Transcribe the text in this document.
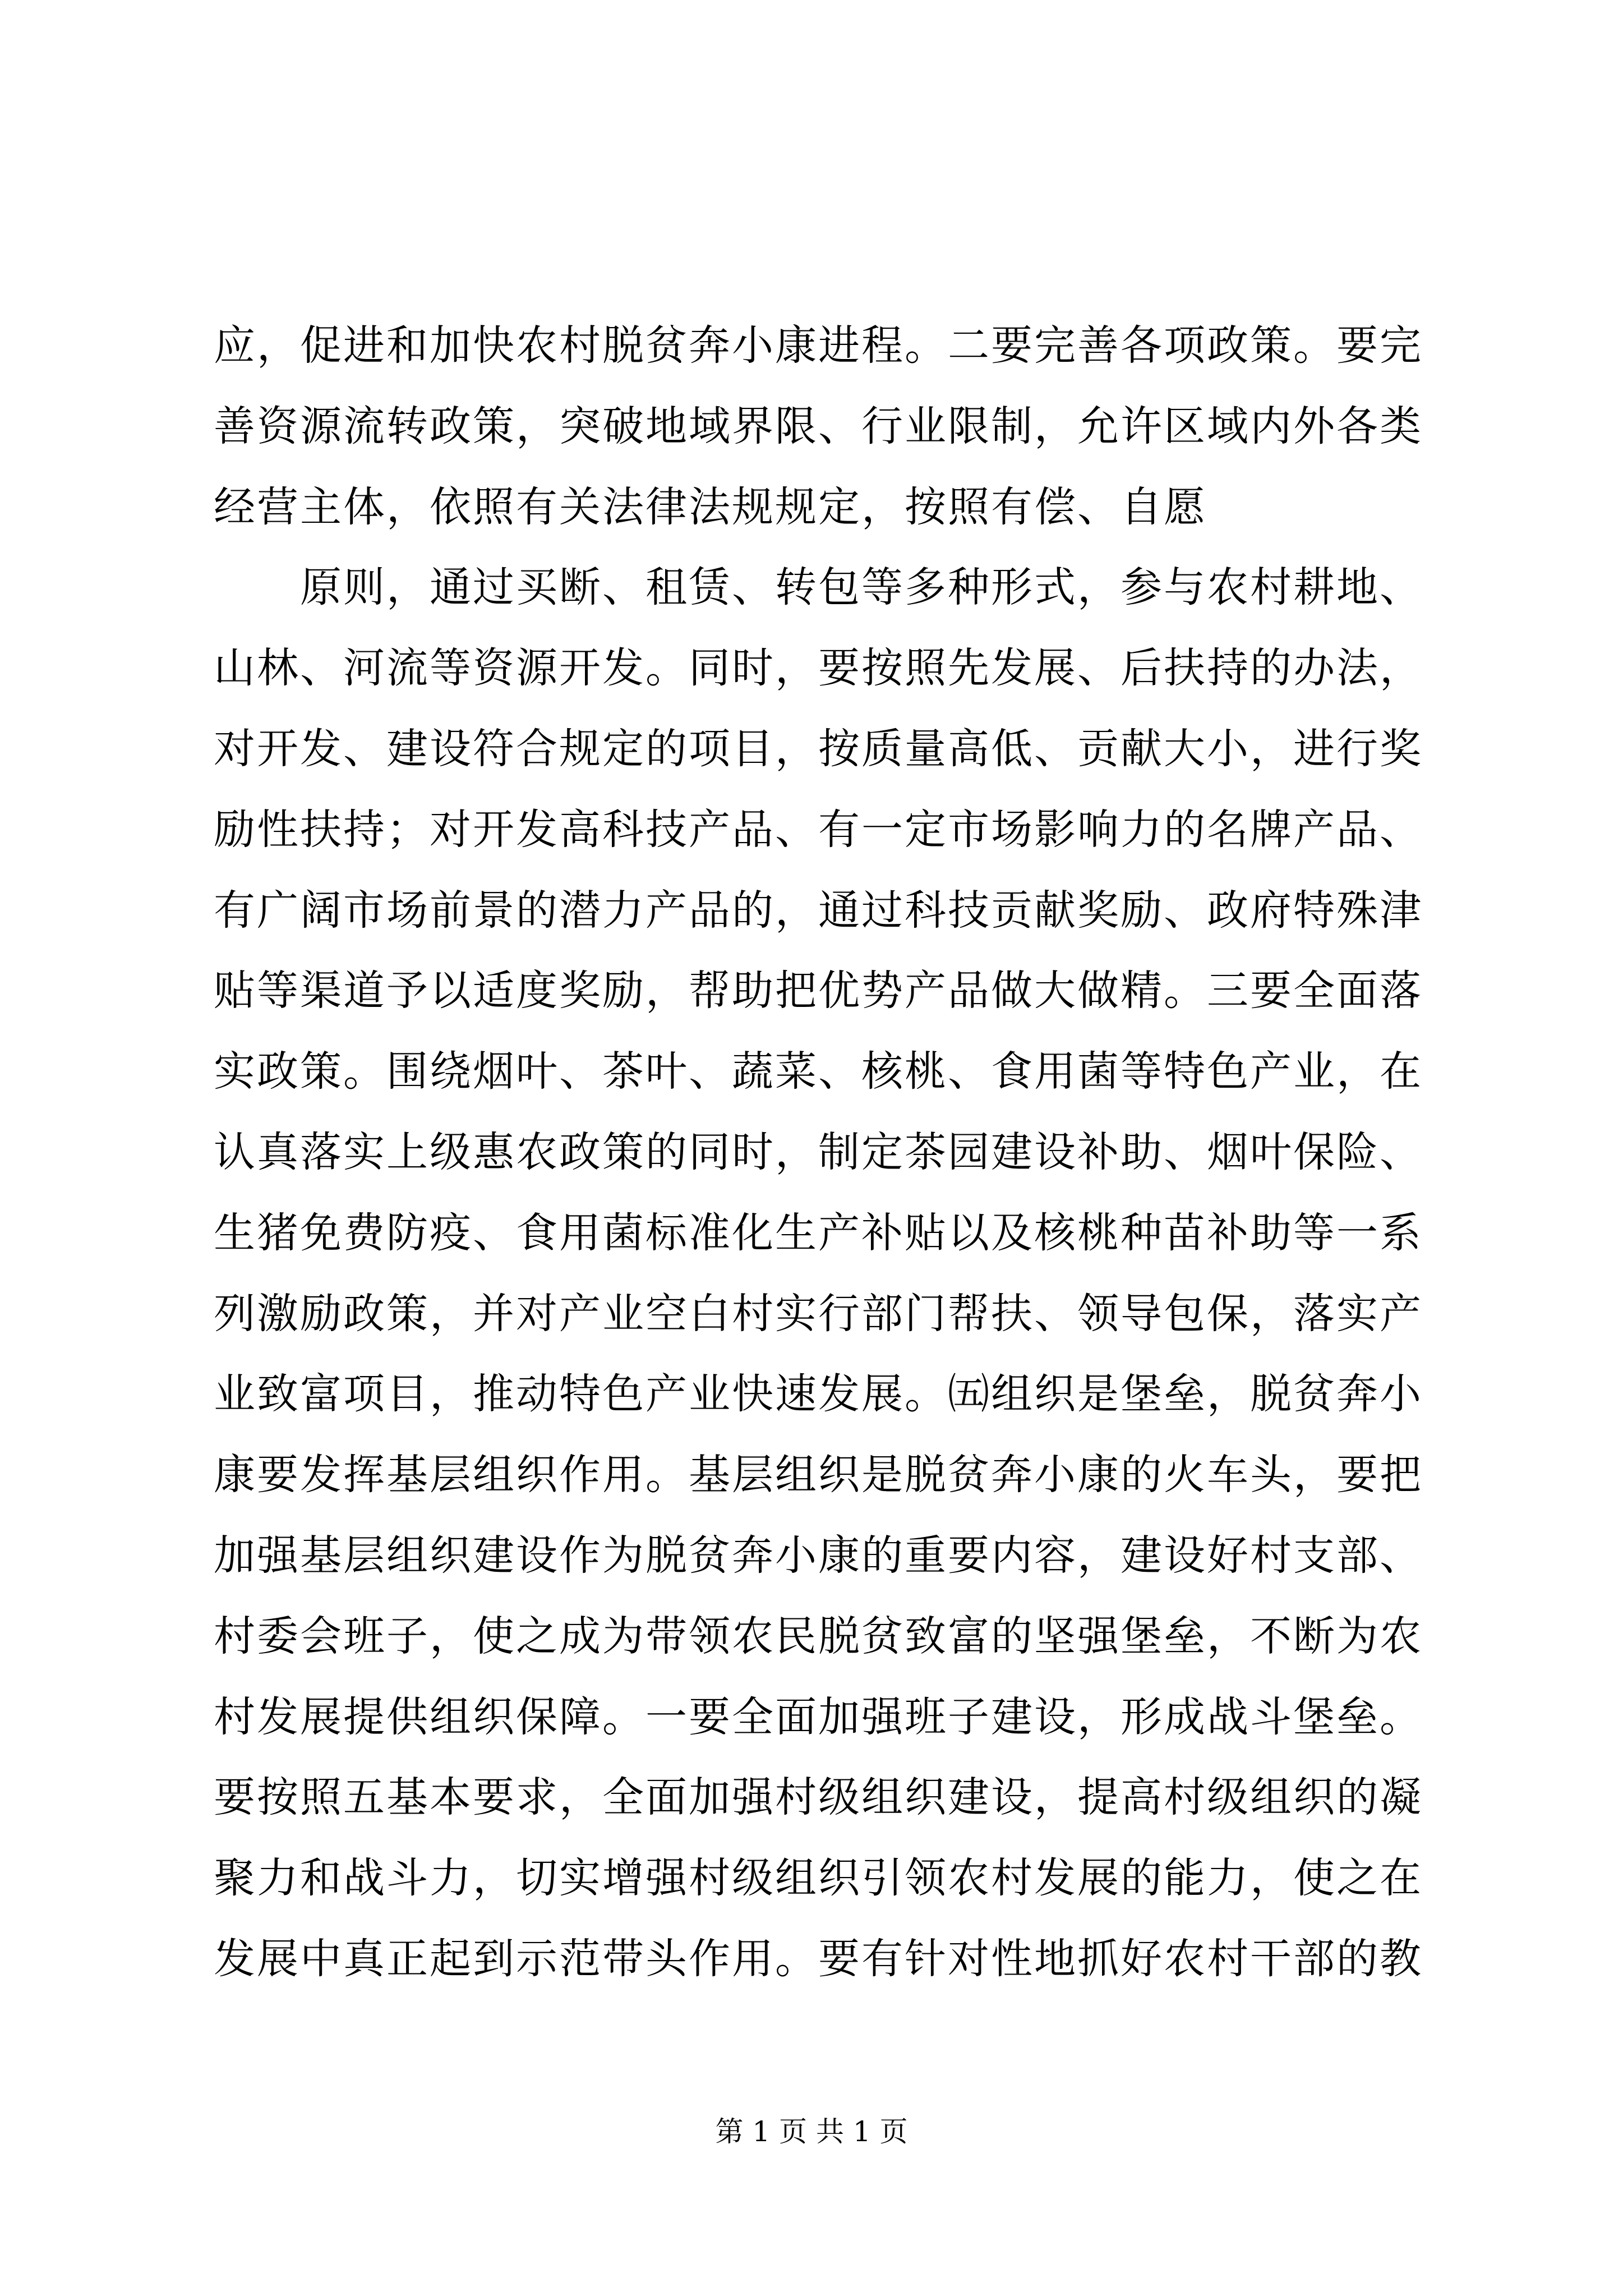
应，促进和加快农村脱贫奔小康进程。二要完善各项政策。要完
善资源流转政策，突破地域界限、行业限制，允许区域内外各类
经营主体，依照有关法律法规规定，按照有偿、自愿
　　原则，通过买断、租赁、转包等多种形式，参与农村耕地、
山林、河流等资源开发。同时，要按照先发展、后扶持的办法，
对开发、建设符合规定的项目，按质量高低、贡献大小，进行奖
励性扶持；对开发高科技产品、有一定市场影响力的名牌产品、
有广阔市场前景的潜力产品的，通过科技贡献奖励、政府特殊津
贴等渠道予以适度奖励，帮助把优势产品做大做精。三要全面落
实政策。围绕烟叶、茶叶、蔬菜、核桃、食用菌等特色产业，在
认真落实上级惠农政策的同时，制定茶园建设补助、烟叶保险、
生猪免费防疫、食用菌标准化生产补贴以及核桃种苗补助等一系
列激励政策，并对产业空白村实行部门帮扶、领导包保，落实产
业致富项目，推动特色产业快速发展。㈤组织是堡垒，脱贫奔小
康要发挥基层组织作用。基层组织是脱贫奔小康的火车头，要把
加强基层组织建设作为脱贫奔小康的重要内容，建设好村支部、
村委会班子，使之成为带领农民脱贫致富的坚强堡垒，不断为农
村发展提供组织保障。一要全面加强班子建设，形成战斗堡垒。
要按照五基本要求，全面加强村级组织建设，提高村级组织的凝
聚力和战斗力，切实增强村级组织引领农村发展的能力，使之在
发展中真正起到示范带头作用。要有针对性地抓好农村干部的教
第 1 页 共 1 页
